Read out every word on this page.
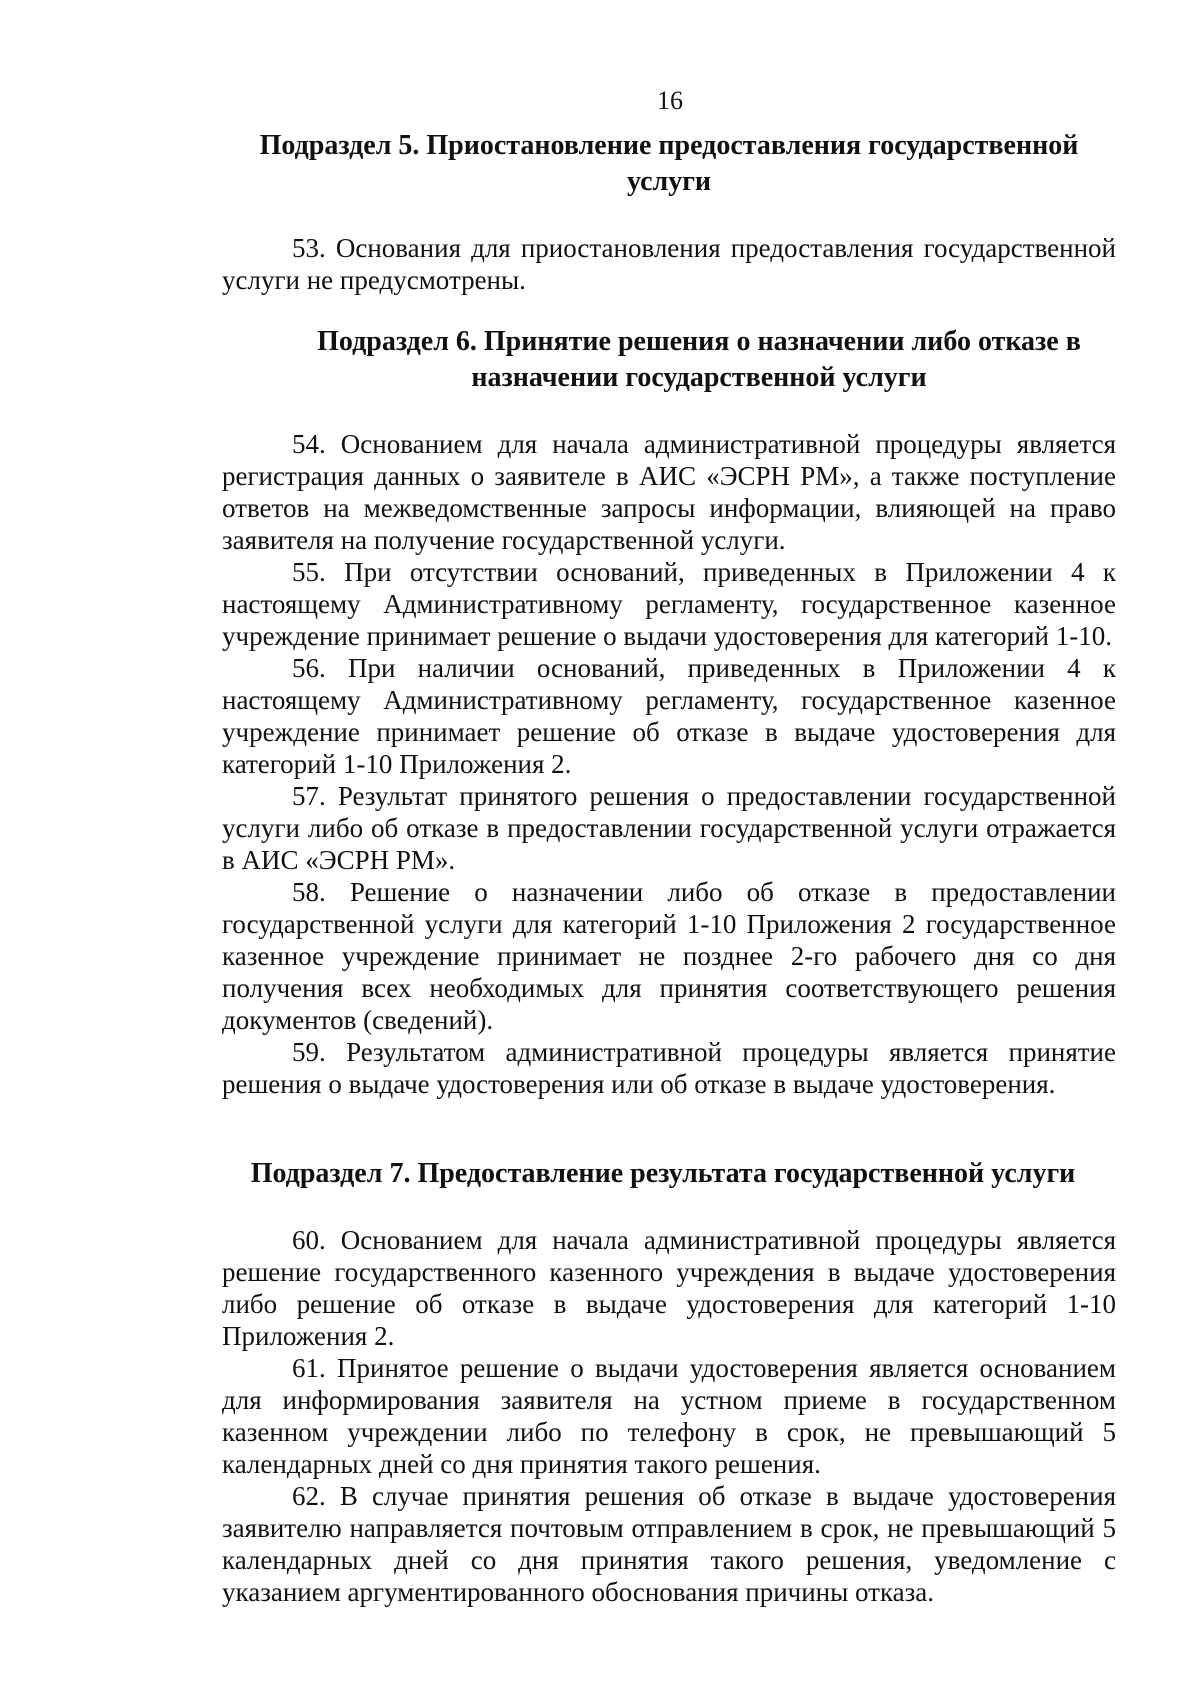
16
Подраздел 5. Приостановление предоставления государственной услуги

53. Основания для приостановления предоставления государственной услуги не предусмотрены.

Подраздел 6. Принятие решения о назначении либо отказе в назначении государственной услуги

54. Основанием для начала административной процедуры является регистрация данных о заявителе в АИС «ЭСРН РМ», а также поступление ответов на межведомственные запросы информации, влияющей на право заявителя на получение государственной услуги.

55. При отсутствии оснований, приведенных в Приложении 4 к настоящему Административному регламенту, государственное казенное учреждение принимает решение о выдачи удостоверения для категорий 1-10.

56. При наличии оснований, приведенных в Приложении 4 к настоящему Административному регламенту, государственное казенное учреждение принимает решение об отказе в выдаче удостоверения для категорий 1-10 Приложения 2.

57. Результат принятого решения о предоставлении государственной услуги либо об отказе в предоставлении государственной услуги отражается в АИС «ЭСРН РМ».

58. Решение о назначении либо об отказе в предоставлении государственной услуги для категорий 1-10 Приложения 2 государственное казенное учреждение принимает не позднее 2-го рабочего дня со дня получения всех необходимых для принятия соответствующего решения документов (сведений).

59. Результатом административной процедуры является принятие решения о выдаче удостоверения или об отказе в выдаче удостоверения.

Подраздел 7. Предоставление результата государственной услуги

60. Основанием для начала административной процедуры является решение государственного казенного учреждения в выдаче удостоверения либо решение об отказе в выдаче удостоверения для категорий 1-10 Приложения 2.

61. Принятое решение о выдачи удостоверения является основанием для информирования заявителя на устном приеме в государственном казенном учреждении либо по телефону в срок, не превышающий 5 календарных дней со дня принятия такого решения.

62. В случае принятия решения об отказе в выдаче удостоверения заявителю направляется почтовым отправлением в срок, не превышающий 5 календарных дней со дня принятия такого решения, уведомление с указанием аргументированного обоснования причины отказа.
